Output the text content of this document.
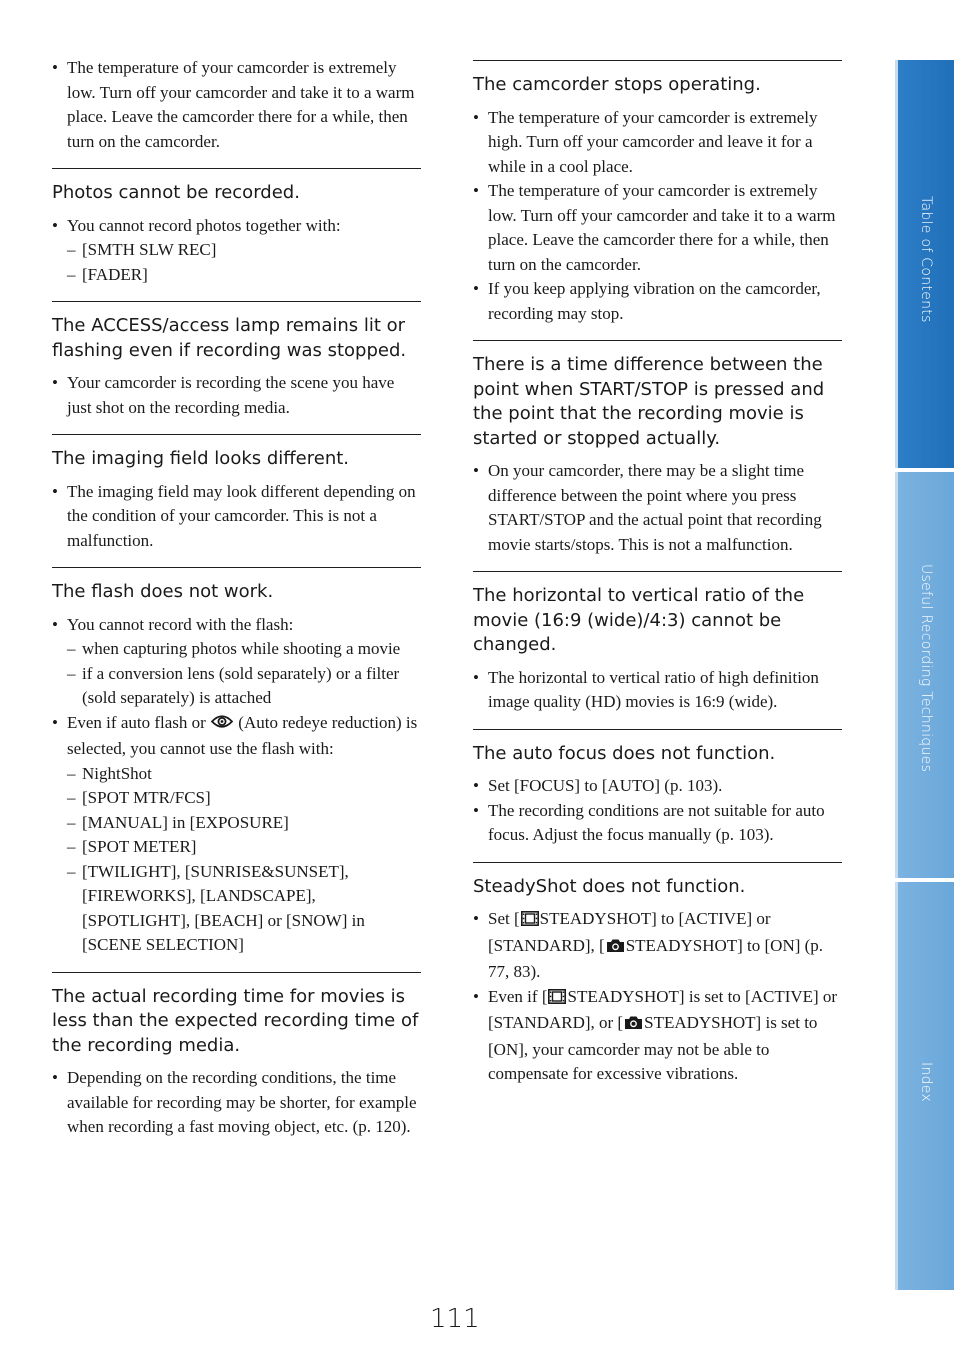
• The temperature of your camcorder is extremely low. Turn off your camcorder and take it to a warm place. Leave the camcorder there for a while, then turn on the camcorder.
Photos cannot be recorded.
• You cannot record photos together with:
– [SMTH SLW REC]
– [FADER]
The ACCESS/access lamp remains lit or flashing even if recording was stopped.
• Your camcorder is recording the scene you have just shot on the recording media.
The imaging field looks different.
• The imaging field may look different depending on the condition of your camcorder. This is not a malfunction.
The flash does not work.
• You cannot record with the flash:
– when capturing photos while shooting a movie
– if a conversion lens (sold separately) or a filter (sold separately) is attached
• Even if auto flash or (Auto redeye reduction) is selected, you cannot use the flash with:
– NightShot
– [SPOT MTR/FCS]
– [MANUAL] in [EXPOSURE]
– [SPOT METER]
– [TWILIGHT], [SUNRISE&SUNSET], [FIREWORKS], [LANDSCAPE], [SPOTLIGHT], [BEACH] or [SNOW] in [SCENE SELECTION]
The actual recording time for movies is less than the expected recording time of the recording media.
• Depending on the recording conditions, the time available for recording may be shorter, for example when recording a fast moving object, etc. (p. 120).
The camcorder stops operating.
• The temperature of your camcorder is extremely high. Turn off your camcorder and leave it for a while in a cool place.
• The temperature of your camcorder is extremely low. Turn off your camcorder and take it to a warm place. Leave the camcorder there for a while, then turn on the camcorder.
• If you keep applying vibration on the camcorder, recording may stop.
There is a time difference between the point when START/STOP is pressed and the point that the recording movie is started or stopped actually.
• On your camcorder, there may be a slight time difference between the point where you press START/STOP and the actual point that recording movie starts/stops. This is not a malfunction.
The horizontal to vertical ratio of the movie (16:9 (wide)/4:3) cannot be changed.
• The horizontal to vertical ratio of high definition image quality (HD) movies is 16:9 (wide).
The auto focus does not function.
• Set [FOCUS] to [AUTO] (p. 103).
• The recording conditions are not suitable for auto focus. Adjust the focus manually (p. 103).
SteadyShot does not function.
• Set [ STEADYSHOT] to [ACTIVE] or [STANDARD], [ STEADYSHOT] to [ON] (p. 77, 83).
• Even if [ STEADYSHOT] is set to [ACTIVE] or [STANDARD], or [ STEADYSHOT] is set to [ON], your camcorder may not be able to compensate for excessive vibrations.
Table of Contents
Useful Recording Techniques
Index
111
